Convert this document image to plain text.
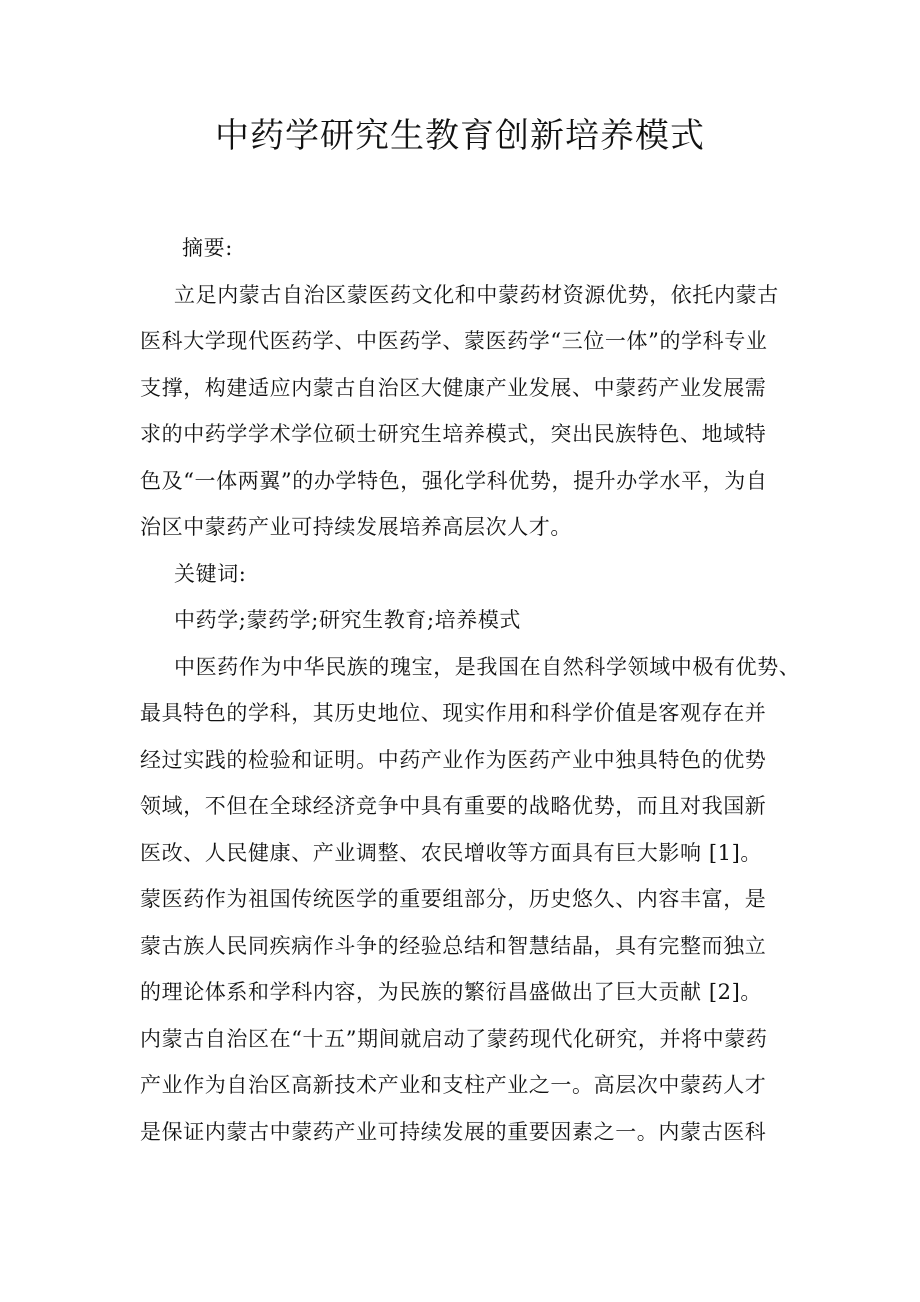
中药学研究生教育创新培养模式
摘要:
立足内蒙古自治区蒙医药文化和中蒙药材资源优势，依托内蒙古
医科大学现代医药学、中医药学、蒙医药学“三位一体”的学科专业
支撑，构建适应内蒙古自治区大健康产业发展、中蒙药产业发展需
求的中药学学术学位硕士研究生培养模式，突出民族特色、地域特
色及“一体两翼”的办学特色，强化学科优势，提升办学水平，为自
治区中蒙药产业可持续发展培养高层次人才。
关键词:
中药学;蒙药学;研究生教育;培养模式
中医药作为中华民族的瑰宝，是我国在自然科学领域中极有优势、
最具特色的学科，其历史地位、现实作用和科学价值是客观存在并
经过实践的检验和证明。中药产业作为医药产业中独具特色的优势
领域，不但在全球经济竞争中具有重要的战略优势，而且对我国新
医改、人民健康、产业调整、农民增收等方面具有巨大影响 [1]。
蒙医药作为祖国传统医学的重要组部分，历史悠久、内容丰富，是
蒙古族人民同疾病作斗争的经验总结和智慧结晶，具有完整而独立
的理论体系和学科内容，为民族的繁衍昌盛做出了巨大贡献 [2]。
内蒙古自治区在“十五”期间就启动了蒙药现代化研究，并将中蒙药
产业作为自治区高新技术产业和支柱产业之一。高层次中蒙药人才
是保证内蒙古中蒙药产业可持续发展的重要因素之一。内蒙古医科
